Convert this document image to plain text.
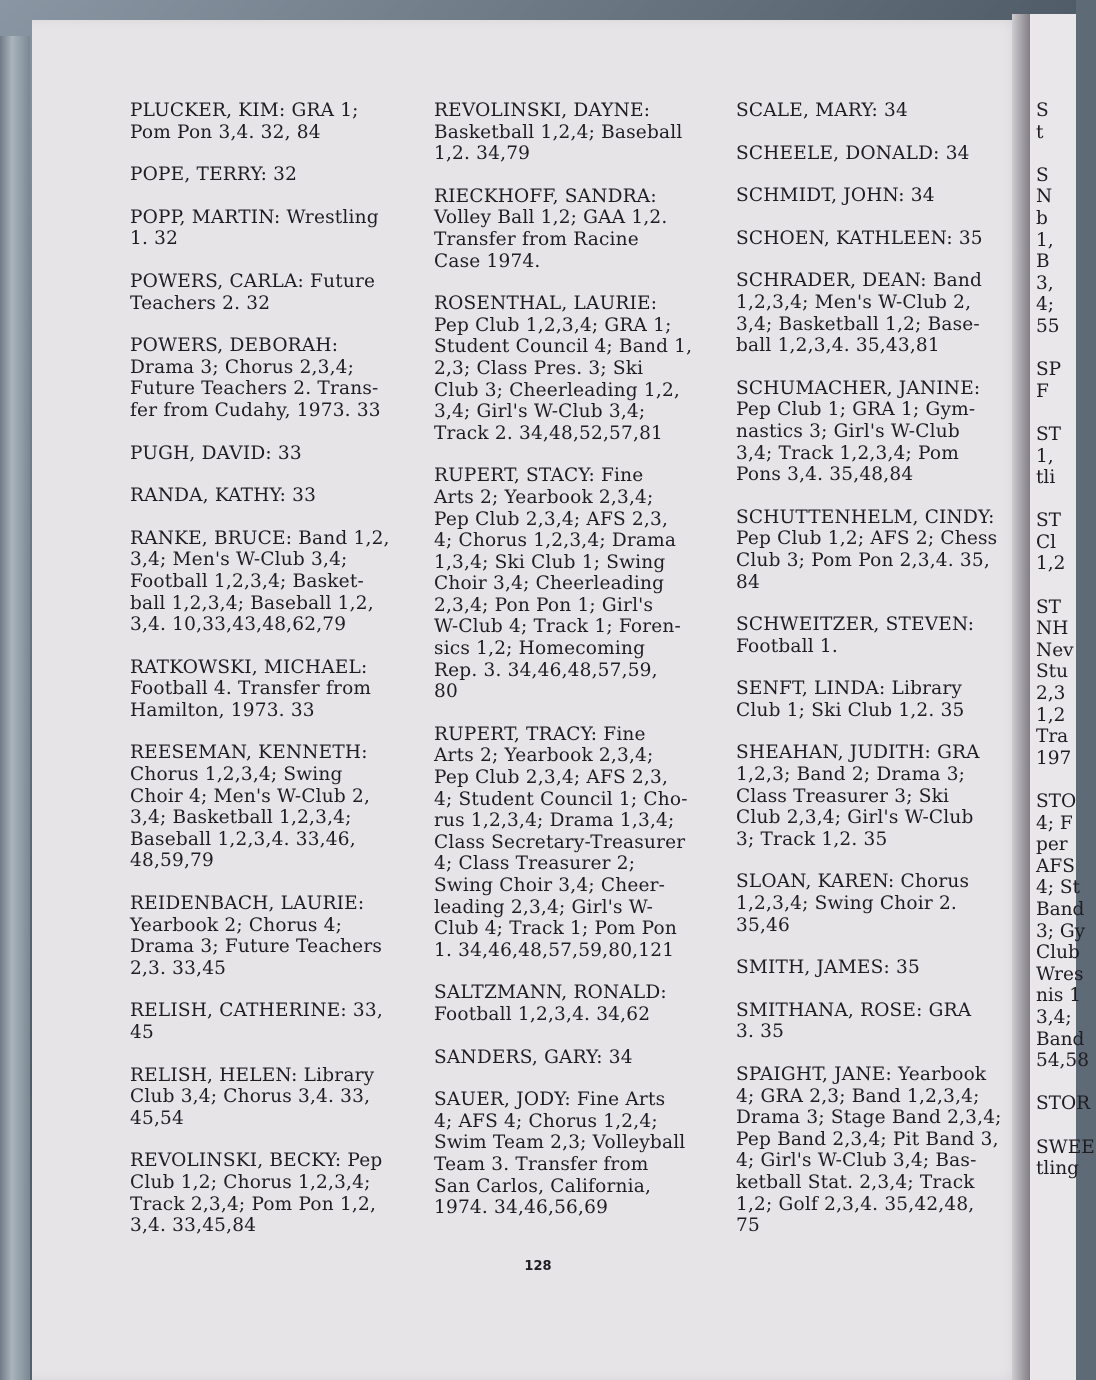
PLUCKER, KIM: GRA 1;
Pom Pon 3,4. 32, 84
POPE, TERRY: 32
POPP, MARTIN: Wrestling
1. 32
POWERS, CARLA: Future
Teachers 2. 32
POWERS, DEBORAH:
Drama 3; Chorus 2,3,4;
Future Teachers 2. Trans-
fer from Cudahy, 1973. 33
PUGH, DAVID: 33
RANDA, KATHY: 33
RANKE, BRUCE: Band 1,2,
3,4; Men's W-Club 3,4;
Football 1,2,3,4; Basket-
ball 1,2,3,4; Baseball 1,2,
3,4. 10,33,43,48,62,79
RATKOWSKI, MICHAEL:
Football 4. Transfer from
Hamilton, 1973. 33
REESEMAN, KENNETH:
Chorus 1,2,3,4; Swing
Choir 4; Men's W-Club 2,
3,4; Basketball 1,2,3,4;
Baseball 1,2,3,4. 33,46,
48,59,79
REIDENBACH, LAURIE:
Yearbook 2; Chorus 4;
Drama 3; Future Teachers
2,3. 33,45
RELISH, CATHERINE: 33,
45
RELISH, HELEN: Library
Club 3,4; Chorus 3,4. 33,
45,54
REVOLINSKI, BECKY: Pep
Club 1,2; Chorus 1,2,3,4;
Track 2,3,4; Pom Pon 1,2,
3,4. 33,45,84
REVOLINSKI, DAYNE:
Basketball 1,2,4; Baseball
1,2. 34,79
RIECKHOFF, SANDRA:
Volley Ball 1,2; GAA 1,2.
Transfer from Racine
Case 1974.
ROSENTHAL, LAURIE:
Pep Club 1,2,3,4; GRA 1;
Student Council 4; Band 1,
2,3; Class Pres. 3; Ski
Club 3; Cheerleading 1,2,
3,4; Girl's W-Club 3,4;
Track 2. 34,48,52,57,81
RUPERT, STACY: Fine
Arts 2; Yearbook 2,3,4;
Pep Club 2,3,4; AFS 2,3,
4; Chorus 1,2,3,4; Drama
1,3,4; Ski Club 1; Swing
Choir 3,4; Cheerleading
2,3,4; Pon Pon 1; Girl's
W-Club 4; Track 1; Foren-
sics 1,2; Homecoming
Rep. 3. 34,46,48,57,59,
80
RUPERT, TRACY: Fine
Arts 2; Yearbook 2,3,4;
Pep Club 2,3,4; AFS 2,3,
4; Student Council 1; Cho-
rus 1,2,3,4; Drama 1,3,4;
Class Secretary-Treasurer
4; Class Treasurer 2;
Swing Choir 3,4; Cheer-
leading 2,3,4; Girl's W-
Club 4; Track 1; Pom Pon
1. 34,46,48,57,59,80,121
SALTZMANN, RONALD:
Football 1,2,3,4. 34,62
SANDERS, GARY: 34
SAUER, JODY: Fine Arts
4; AFS 4; Chorus 1,2,4;
Swim Team 2,3; Volleyball
Team 3. Transfer from
San Carlos, California,
1974. 34,46,56,69
SCALE, MARY: 34
SCHEELE, DONALD: 34
SCHMIDT, JOHN: 34
SCHOEN, KATHLEEN: 35
SCHRADER, DEAN: Band
1,2,3,4; Men's W-Club 2,
3,4; Basketball 1,2; Base-
ball 1,2,3,4. 35,43,81
SCHUMACHER, JANINE:
Pep Club 1; GRA 1; Gym-
nastics 3; Girl's W-Club
3,4; Track 1,2,3,4; Pom
Pons 3,4. 35,48,84
SCHUTTENHELM, CINDY:
Pep Club 1,2; AFS 2; Chess
Club 3; Pom Pon 2,3,4. 35,
84
SCHWEITZER, STEVEN:
Football 1.
SENFT, LINDA: Library
Club 1; Ski Club 1,2. 35
SHEAHAN, JUDITH: GRA
1,2,3; Band 2; Drama 3;
Class Treasurer 3; Ski
Club 2,3,4; Girl's W-Club
3; Track 1,2. 35
SLOAN, KAREN: Chorus
1,2,3,4; Swing Choir 2.
35,46
SMITH, JAMES: 35
SMITHANA, ROSE: GRA
3. 35
SPAIGHT, JANE: Yearbook
4; GRA 2,3; Band 1,2,3,4;
Drama 3; Stage Band 2,3,4;
Pep Band 2,3,4; Pit Band 3,
4; Girl's W-Club 3,4; Bas-
ketball Stat. 2,3,4; Track
1,2; Golf 2,3,4. 35,42,48,
75
S
t

S
N
b
1,
B
3,
4;
55

SP
F

ST
1,
tli

ST
Cl
1,2

ST
NH
Nev
Stu
2,3
1,2
Tra
197

STO
4; F
per
AFS
4; St
Band
3; Gy
Club
Wres
nis 1
3,4;
Band
54,58

STOR

SWEE
tling
128
